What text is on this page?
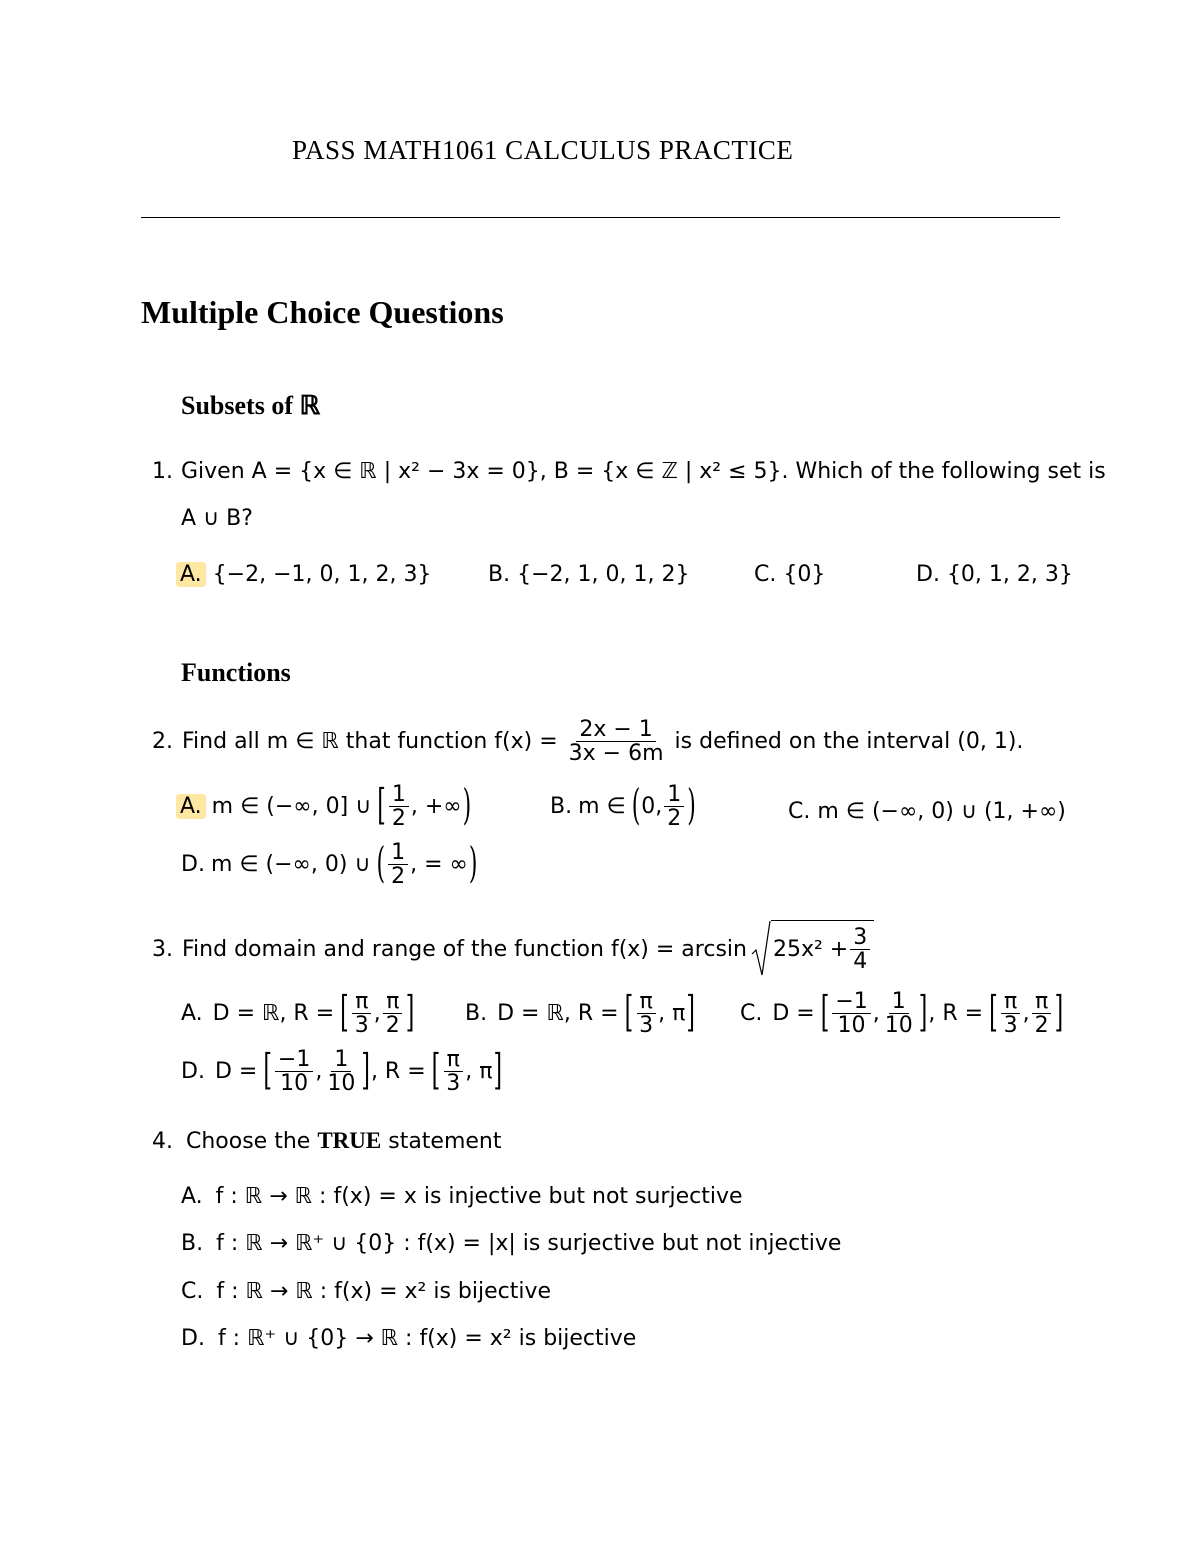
PASS MATH1061 CALCULUS PRACTICE
Multiple Choice Questions
Subsets of ℝ
1. Given A = {x ∈ ℝ | x² − 3x = 0}, B = {x ∈ ℤ | x² ≤ 5}. Which of the following set is
A ∪ B?
A. {−2, −1, 0, 1, 2, 3}	B. {−2, 1, 0, 1, 2}	C. {0}	D. {0, 1, 2, 3}
Functions
2. Find all m ∈ ℝ that function $f(x) = \frac{2x - 1}{3x - 6m}$ is defined on the interval (0, 1).
A. m ∈ (−∞, 0] ∪ [ $\frac{1}{2}$ , +∞ )	B. m ∈ ( 0, $\frac{1}{2}$ )	C. m ∈ (−∞, 0) ∪ (1, +∞)
D. m ∈ (−∞, 0) ∪ ( $\frac{1}{2}$ , = ∞ )
3. Find domain and range of the function $f(x) = \arcsin 25x^2 + \frac{3}{4}$
A. D = ℝ, R = [ $\frac{\pi}{3}$ , $\frac{\pi}{2}$ ] B. D = ℝ, R = [ $\frac{\pi}{3}$ , π ] C. D = [ $\frac{-1}{10}$ , $\frac{1}{10}$ ] , R = [ $\frac{\pi}{3}$ , $\frac{\pi}{2}$ ]
D. D = [ $\frac{-1}{10}$ , $\frac{1}{10}$ ] , R = [ $\frac{\pi}{3}$ , π ]
4. Choose the TRUE statement
A. f : ℝ → ℝ : f(x) = x is injective but not surjective
B. f : ℝ → ℝ⁺ ∪ {0} : f(x) = |x| is surjective but not injective
C. f : ℝ → ℝ : f(x) = x² is bijective
D. f : ℝ⁺ ∪ {0} → ℝ : f(x) = x² is bijective
